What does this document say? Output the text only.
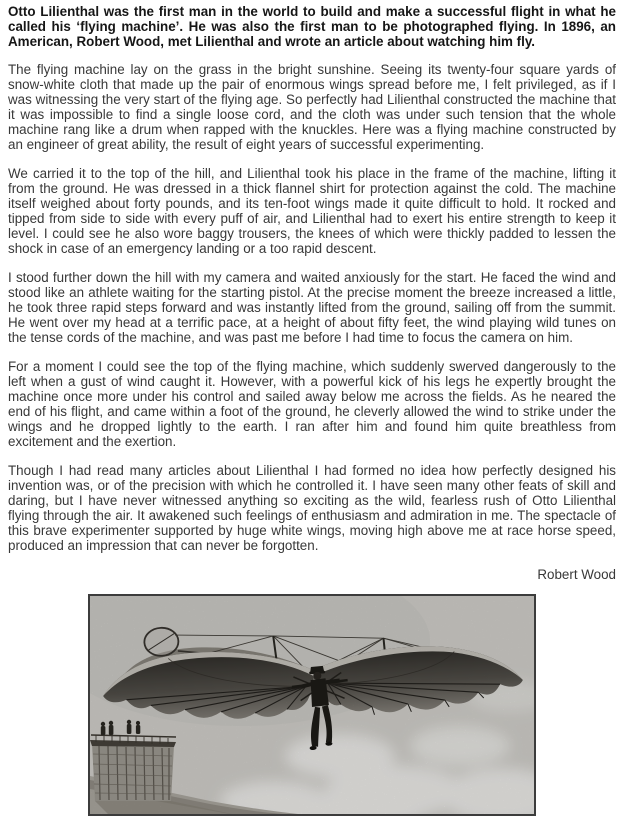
Otto Lilienthal was the first man in the world to build and make a successful flight in what he called his ‘flying machine’. He was also the first man to be photographed flying. In 1896, an American, Robert Wood, met Lilienthal and wrote an article about watching him fly.

The flying machine lay on the grass in the bright sunshine. Seeing its twenty-four square yards of snow-white cloth that made up the pair of enormous wings spread before me, I felt privileged, as if I was witnessing the very start of the flying age. So perfectly had Lilienthal constructed the machine that it was impossible to find a single loose cord, and the cloth was under such tension that the whole machine rang like a drum when rapped with the knuckles. Here was a flying machine constructed by an engineer of great ability, the result of eight years of successful experimenting.

We carried it to the top of the hill, and Lilienthal took his place in the frame of the machine, lifting it from the ground. He was dressed in a thick flannel shirt for protection against the cold. The machine itself weighed about forty pounds, and its ten-foot wings made it quite difficult to hold. It rocked and tipped from side to side with every puff of air, and Lilienthal had to exert his entire strength to keep it level. I could see he also wore baggy trousers, the knees of which were thickly padded to lessen the shock in case of an emergency landing or a too rapid descent.

I stood further down the hill with my camera and waited anxiously for the start. He faced the wind and stood like an athlete waiting for the starting pistol. At the precise moment the breeze increased a little, he took three rapid steps forward and was instantly lifted from the ground, sailing off from the summit. He went over my head at a terrific pace, at a height of about fifty feet, the wind playing wild tunes on the tense cords of the machine, and was past me before I had time to focus the camera on him.

For a moment I could see the top of the flying machine, which suddenly swerved dangerously to the left when a gust of wind caught it. However, with a powerful kick of his legs he expertly brought the machine once more under his control and sailed away below me across the fields. As he neared the end of his flight, and came within a foot of the ground, he cleverly allowed the wind to strike under the wings and he dropped lightly to the earth. I ran after him and found him quite breathless from excitement and the exertion.

Though I had read many articles about Lilienthal I had formed no idea how perfectly designed his invention was, or of the precision with which he controlled it. I have seen many other feats of skill and daring, but I have never witnessed anything so exciting as the wild, fearless rush of Otto Lilienthal flying through the air. It awakened such feelings of enthusiasm and admiration in me. The spectacle of this brave experimenter supported by huge white wings, moving high above me at race horse speed, produced an impression that can never be forgotten.

Robert Wood
